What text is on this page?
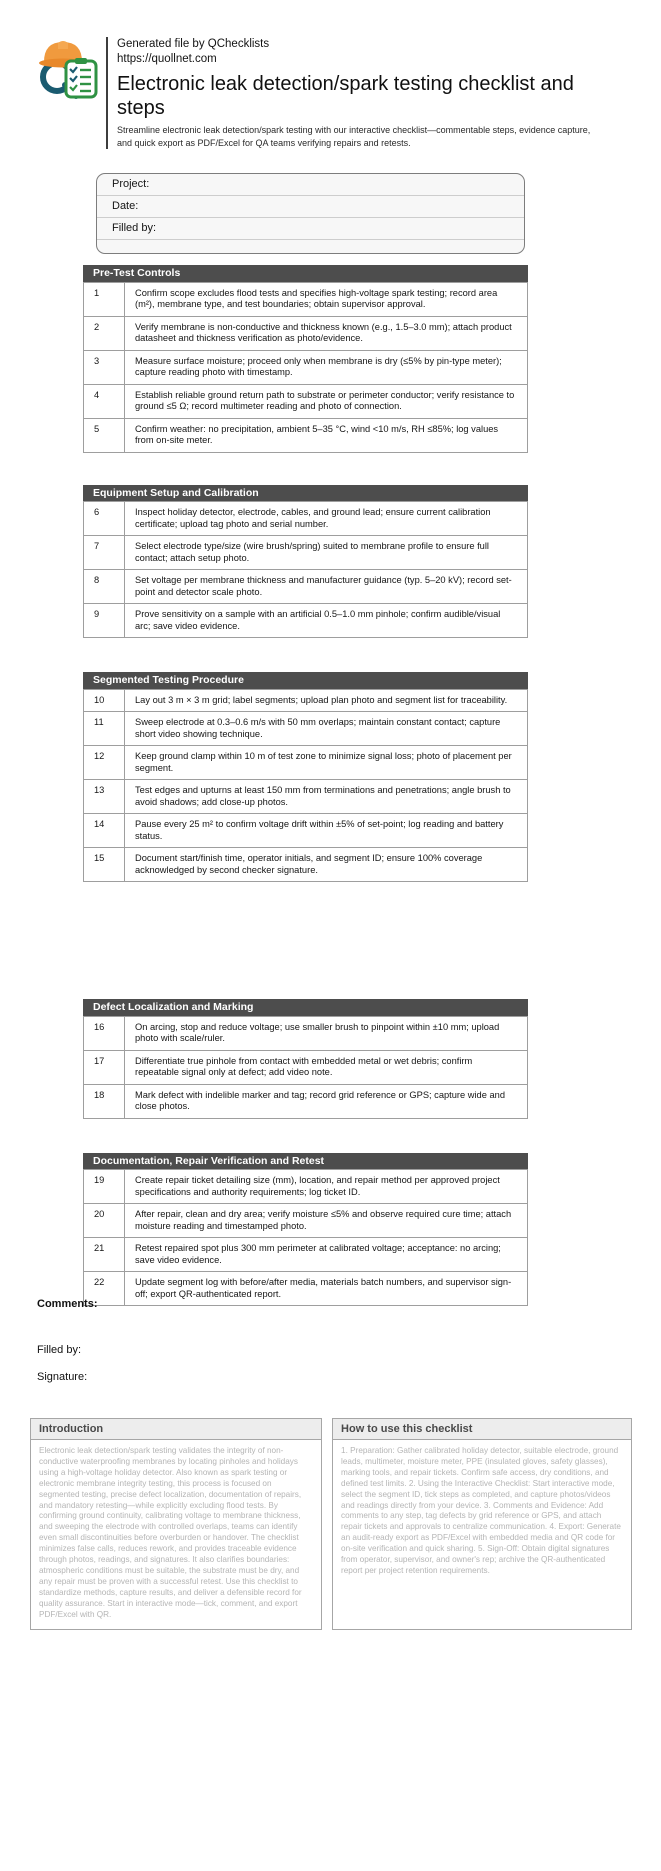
Generated file by QChecklists
https://quollnet.com
Electronic leak detection/spark testing checklist and steps
Streamline electronic leak detection/spark testing with our interactive checklist—commentable steps, evidence capture, and quick export as PDF/Excel for QA teams verifying repairs and retests.
Project:
Date:
Filled by:
Pre-Test Controls
1	Confirm scope excludes flood tests and specifies high-voltage spark testing; record area (m²), membrane type, and test boundaries; obtain supervisor approval.
2	Verify membrane is non-conductive and thickness known (e.g., 1.5–3.0 mm); attach product datasheet and thickness verification as photo/evidence.
3	Measure surface moisture; proceed only when membrane is dry (≤5% by pin-type meter); capture reading photo with timestamp.
4	Establish reliable ground return path to substrate or perimeter conductor; verify resistance to ground ≤5 Ω; record multimeter reading and photo of connection.
5	Confirm weather: no precipitation, ambient 5–35 °C, wind <10 m/s, RH ≤85%; log values from on-site meter.
Equipment Setup and Calibration
6	Inspect holiday detector, electrode, cables, and ground lead; ensure current calibration certificate; upload tag photo and serial number.
7	Select electrode type/size (wire brush/spring) suited to membrane profile to ensure full contact; attach setup photo.
8	Set voltage per membrane thickness and manufacturer guidance (typ. 5–20 kV); record set-point and detector scale photo.
9	Prove sensitivity on a sample with an artificial 0.5–1.0 mm pinhole; confirm audible/visual arc; save video evidence.
Segmented Testing Procedure
10	Lay out 3 m × 3 m grid; label segments; upload plan photo and segment list for traceability.
11	Sweep electrode at 0.3–0.6 m/s with 50 mm overlaps; maintain constant contact; capture short video showing technique.
12	Keep ground clamp within 10 m of test zone to minimize signal loss; photo of placement per segment.
13	Test edges and upturns at least 150 mm from terminations and penetrations; angle brush to avoid shadows; add close-up photos.
14	Pause every 25 m² to confirm voltage drift within ±5% of set-point; log reading and battery status.
15	Document start/finish time, operator initials, and segment ID; ensure 100% coverage acknowledged by second checker signature.
Defect Localization and Marking
16	On arcing, stop and reduce voltage; use smaller brush to pinpoint within ±10 mm; upload photo with scale/ruler.
17	Differentiate true pinhole from contact with embedded metal or wet debris; confirm repeatable signal only at defect; add video note.
18	Mark defect with indelible marker and tag; record grid reference or GPS; capture wide and close photos.
Documentation, Repair Verification and Retest
19	Create repair ticket detailing size (mm), location, and repair method per approved project specifications and authority requirements; log ticket ID.
20	After repair, clean and dry area; verify moisture ≤5% and observe required cure time; attach moisture reading and timestamped photo.
21	Retest repaired spot plus 300 mm perimeter at calibrated voltage; acceptance: no arcing; save video evidence.
22	Update segment log with before/after media, materials batch numbers, and supervisor sign-off; export QR-authenticated report.
Comments:
Filled by:
Signature:
Introduction
Electronic leak detection/spark testing validates the integrity of non-conductive waterproofing membranes by locating pinholes and holidays using a high-voltage holiday detector. Also known as spark testing or electronic membrane integrity testing, this process is focused on segmented testing, precise defect localization, documentation of repairs, and mandatory retesting—while explicitly excluding flood tests. By confirming ground continuity, calibrating voltage to membrane thickness, and sweeping the electrode with controlled overlaps, teams can identify even small discontinuities before overburden or handover. The checklist minimizes false calls, reduces rework, and provides traceable evidence through photos, readings, and signatures. It also clarifies boundaries: atmospheric conditions must be suitable, the substrate must be dry, and any repair must be proven with a successful retest. Use this checklist to standardize methods, capture results, and deliver a defensible record for quality assurance. Start in interactive mode—tick, comment, and export PDF/Excel with QR.
How to use this checklist
1. Preparation: Gather calibrated holiday detector, suitable electrode, ground leads, multimeter, moisture meter, PPE (insulated gloves, safety glasses), marking tools, and repair tickets. Confirm safe access, dry conditions, and defined test limits. 2. Using the Interactive Checklist: Start interactive mode, select the segment ID, tick steps as completed, and capture photos/videos and readings directly from your device. 3. Comments and Evidence: Add comments to any step, tag defects by grid reference or GPS, and attach repair tickets and approvals to centralize communication. 4. Export: Generate an audit-ready export as PDF/Excel with embedded media and QR code for on-site verification and quick sharing. 5. Sign-Off: Obtain digital signatures from operator, supervisor, and owner's rep; archive the QR-authenticated report per project retention requirements.
